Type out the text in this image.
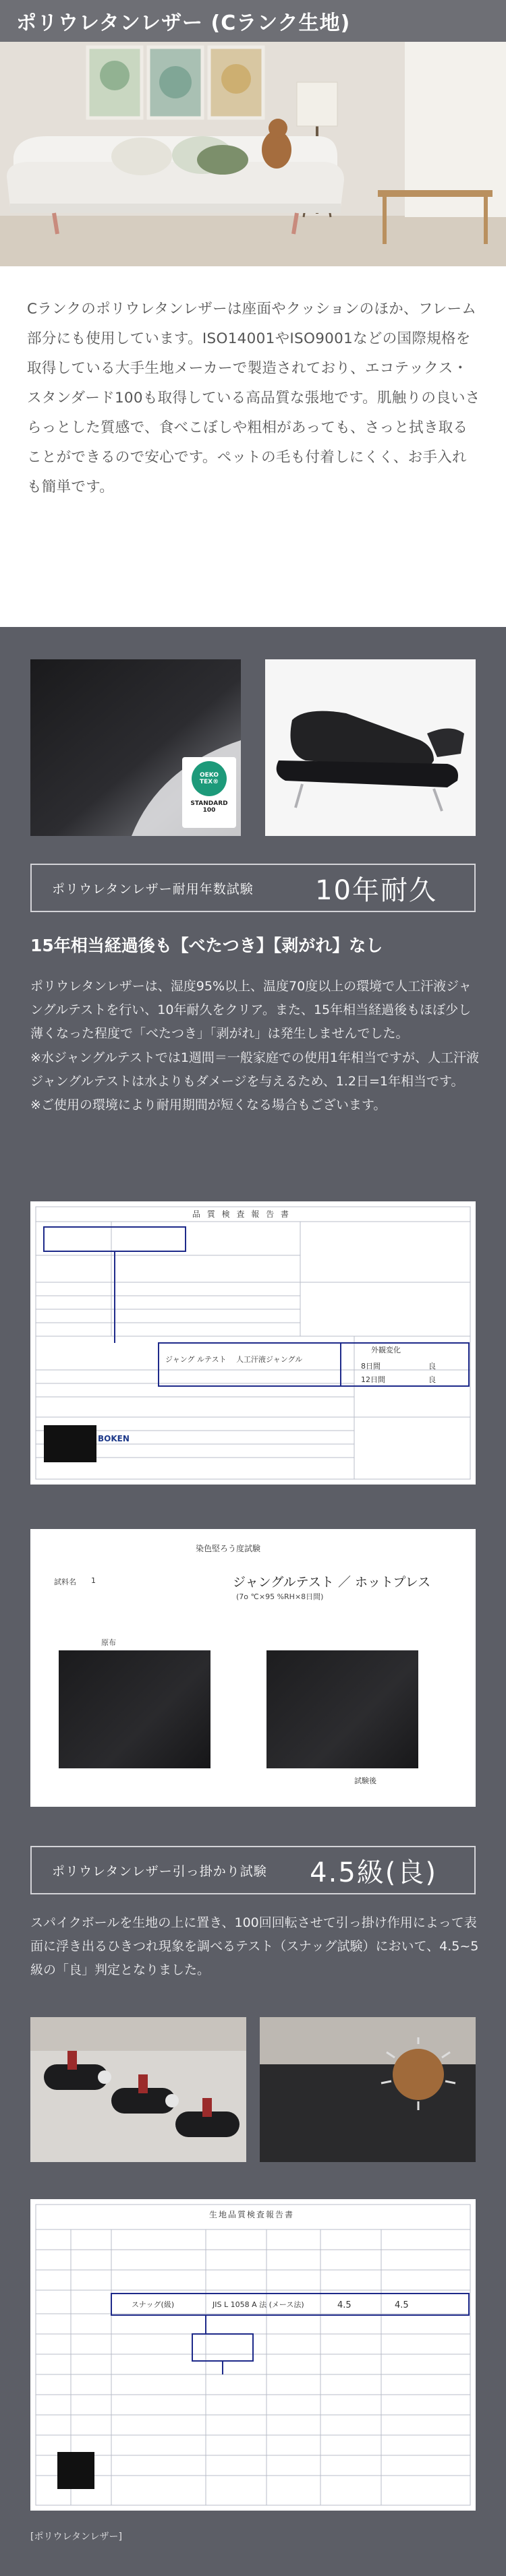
ポリウレタンレザー (Cランク生地)

Cランクのポリウレタンレザーは座面やクッションのほか、フレーム部分にも使用しています。ISO14001やISO9001などの国際規格を取得している大手生地メーカーで製造されており、エコテックス・スタンダード100も取得している高品質な張地です。肌触りの良いさらっとした質感で、食べこぼしや粗相があっても、さっと拭き取ることができるので安心です。ペットの毛も付着しにくく、お手入れも簡単です。

OEKO
TEX®
STANDARD
100
ポリウレタンレザー耐用年数試験 10年耐久
15年相当経過後も【べたつき】【剥がれ】なし
ポリウレタンレザーは、湿度95%以上、温度70度以上の環境で人工汗液ジャングルテストを行い、10年耐久をクリア。また、15年相当経過後もほぼ少し薄くなった程度で「べたつき」「剥がれ」は発生しませんでした。
※水ジャングルテストでは1週間＝一般家庭での使用1年相当ですが、人工汗液ジャングルテストは水よりもダメージを与えるため、1.2日=1年相当です。
※ご使用の環境により耐用期間が短くなる場合もございます。
品 質 検 査 報 告 書
ジャング ルテスト 人工汗液ジャングル
外観変化
8日間	良
12日間	良
BOKEN
染色堅ろう度試験
試料名 1	ジャングルテスト ／ ホットプレス
(7o ℃×95 %RH×8日間)
原布
試験後
ポリウレタンレザー引っ掛かり試験 4.5級(良)
スパイクボールを生地の上に置き、100回回転させて引っ掛け作用によって表面に浮き出るひきつれ現象を調べるテスト（スナッグ試験）において、4.5~5級の「良」判定となりました。
生地品質検査報告書
スナッグ(級)	JIS L 1058 A 法 (メース法)	4.5	4.5
[ポリウレタンレザー]
